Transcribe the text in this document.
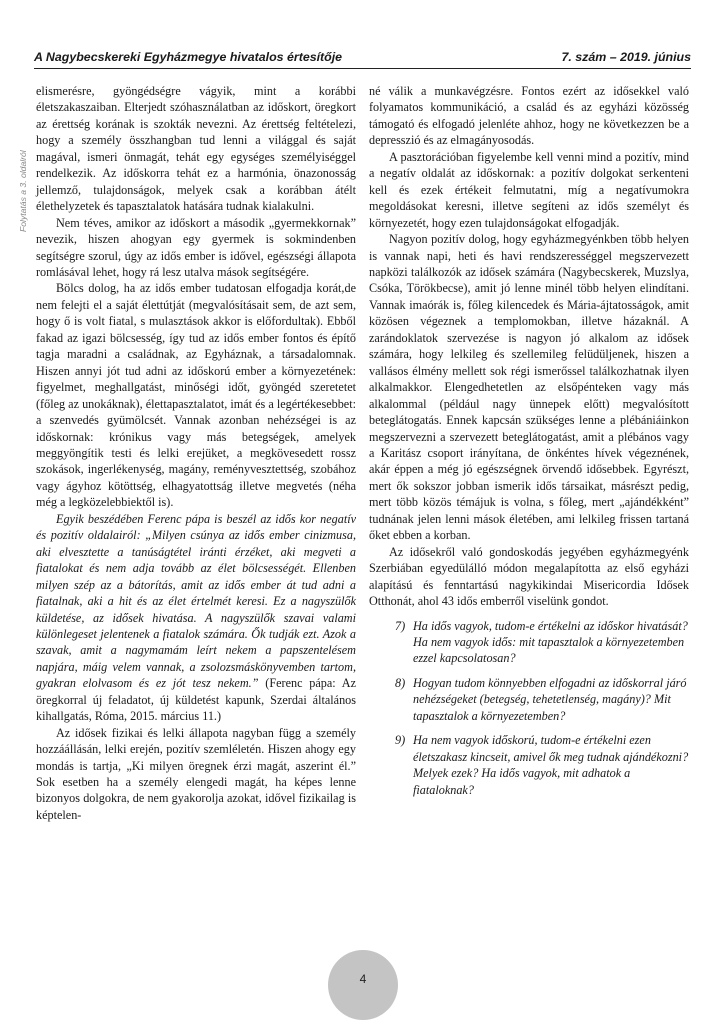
A Nagybecskereki Egyházmegye hivatalos értesítője	7. szám – 2019. június
Folytatás a 3. oldalról

elismerésre, gyöngédségre vágyik, mint a korábbi életszakaszaiban. Elterjedt szóhasználatban az időskort, öregkort az érettség korának is szokták nevezni. Az érettség feltételezi, hogy a személy összhangban tud lenni a világgal és saját magával, ismeri önmagát, tehát egy egységes személyiséggel rendelkezik. Az időskorra tehát ez a harmónia, önazonosság jellemző, tulajdonságok, melyek csak a korábban átélt élethelyzetek és tapasztalatok hatására tudnak kialakulni.

Nem téves, amikor az időskort a második „gyermekkornak” nevezik, hiszen ahogyan egy gyermek is sokmindenben segítségre szorul, úgy az idős ember is idővel, egészségi állapota romlásával lehet, hogy rá lesz utalva mások segítségére.

Bölcs dolog, ha az idős ember tudatosan elfogadja korát,de nem felejti el a saját élettútját (megvalósításait sem, de azt sem, hogy ő is volt fiatal, s mulasztások akkor is előfordultak). Ebből fakad az igazi bölcsesség, így tud az idős ember fontos és építő tagja maradni a családnak, az Egyháznak, a társadalomnak. Hiszen annyi jót tud adni az időskorú ember a környezetének: figyelmet, meghallgatást, minőségi időt, gyöngéd szeretetet (főleg az unokáknak), élettapasztalatot, imát és a legértékesebbet: a szenvedés gyümölcsét. Vannak azonban nehézségei is az időskornak: krónikus vagy más betegségek, amelyek meggyöngítik testi és lelki erejüket, a megkövesedett rossz szokások, ingerlékenység, magány, reményvesztettség, szobához vagy ágyhoz kötöttség, elhagyatottság illetve megvetés (néha még a legközelebbiektől is).

Egyik beszédében Ferenc pápa is beszél az idős kor negatív és pozitív oldalairól: „Milyen csúnya az idős ember cinizmusa, aki elvesztette a tanúságtétel iránti érzéket, aki megveti a fiatalokat és nem adja tovább az élet bölcsességét. Ellenben milyen szép az a bátorítás, amit az idős ember át tud adni a fiatalnak, aki a hit és az élet értelmét keresi. Ez a nagyszülők küldetése, az idősek hivatása. A nagyszülők szavai valami különlegeset jelentenek a fiatalok számára. Ők tudják ezt. Azok a szavak, amit a nagymamám leírt nekem a papszentelésem napjára, máig velem vannak, a zsolozsmáskönyvemben tartom, gyakran elolvasom és ez jót tesz nekem.” (Ferenc pápa: Az öregkorral új feladatot, új küldetést kapunk, Szerdai általános kihallgatás, Róma, 2015. március 11.)

Az idősek fizikai és lelki állapota nagyban függ a személy hozzáállásán, lelki erején, pozitív szemléletén. Hiszen ahogy egy mondás is tartja, „Ki milyen öregnek érzi magát, aszerint él.” Sok esetben ha a személy elengedi magát, ha képes lenne bizonyos dolgokra, de nem gyakorolja azokat, idővel fizikailag is képtelen-

né válik a munkavégzésre. Fontos ezért az idősekkel való folyamatos kommunikáció, a család és az egyházi közösség támogató és elfogadó jelenléte ahhoz, hogy ne következzen be a depresszió és az elmagányosodás.

A pasztorációban figyelembe kell venni mind a pozitív, mind a negatív oldalát az időskornak: a pozitív dolgokat serkenteni kell és ezek értékeit felmutatni, míg a negatívumokra megoldásokat keresni, illetve segíteni az idős személyt és környezetét, hogy ezen tulajdonságokat elfogadják.

Nagyon pozitív dolog, hogy egyházmegyénkben több helyen is vannak napi, heti és havi rendszerességgel megszervezett napközi találkozók az idősek számára (Nagybecskerek, Muzslya, Csóka, Törökbecse), amit jó lenne minél több helyen elindítani. Vannak imaórák is, főleg kilencedek és Mária-ájtatosságok, amit közösen végeznek a templomokban, illetve házaknál. A zarándoklatok szervezése is nagyon jó alkalom az idősek számára, hogy lelkileg és szellemileg felüdüljenek, hiszen a vallásos élmény mellett sok régi ismerőssel találkozhatnak ilyen alkalmakkor. Elengedhetetlen az elsőpénteken vagy más alkalommal (például nagy ünnepek előtt) megvalósított beteglátogatás. Ennek kapcsán szükséges lenne a plébániáinkon megszervezni a szervezett beteglátogatást, amit a plébános vagy a Karitász csoport irányítana, de önkéntes hívek végeznének, akár éppen a még jó egészségnek örvendő idősebbek. Egyrészt, mert ők sokszor jobban ismerik idős társaikat, másrészt pedig, mert több közös témájuk is volna, s főleg, mert „ajándékként” tudnának jelen lenni mások életében, ami lelkileg frissen tartaná őket ebben a korban.

Az idősekről való gondoskodás jegyében egyházmegyénk Szerbiában egyedülálló módon megalapította az első egyházi alapítású és fenntartású nagykikindai Misericordia Idősek Otthonát, ahol 43 idős emberről viselünk gondot.

7) Ha idős vagyok, tudom-e értékelni az időskor hivatását? Ha nem vagyok idős: mit tapasztalok a környezetemben ezzel kapcsolatosan?
8) Hogyan tudom könnyebben elfogadni az időskorral járó nehézségeket (betegség, tehetetlenség, magány)? Mit tapasztalok a környezetemben?
9) Ha nem vagyok időskorú, tudom-e értékelni ezen életszakasz kincseit, amivel ők meg tudnak ajándékozni? Melyek ezek? Ha idős vagyok, mit adhatok a fiataloknak?
4
